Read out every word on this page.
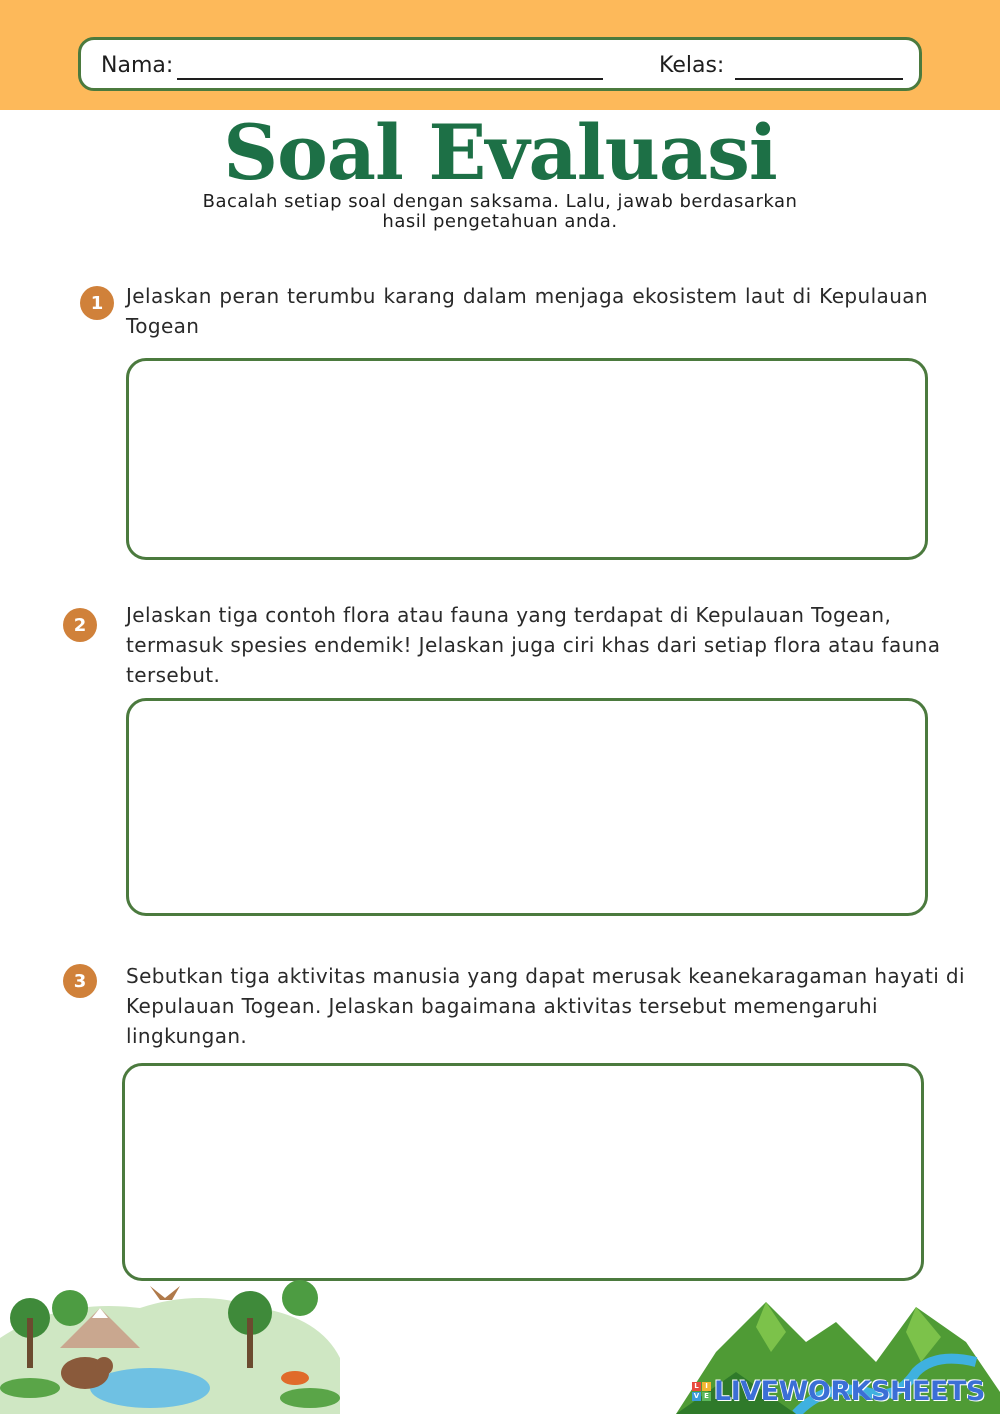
Nama:	Kelas:
Soal Evaluasi
Bacalah setiap soal dengan saksama. Lalu, jawab berdasarkan
hasil pengetahuan anda.
1	Jelaskan peran terumbu karang dalam menjaga ekosistem laut di Kepulauan Togean
2	Jelaskan tiga contoh flora atau fauna yang terdapat di Kepulauan Togean, termasuk spesies endemik! Jelaskan juga ciri khas dari setiap flora atau fauna tersebut.
3	Sebutkan tiga aktivitas manusia yang dapat merusak keanekaragaman hayati di Kepulauan Togean. Jelaskan bagaimana aktivitas tersebut memengaruhi lingkungan.
L I
V E LIVEWORKSHEETS
